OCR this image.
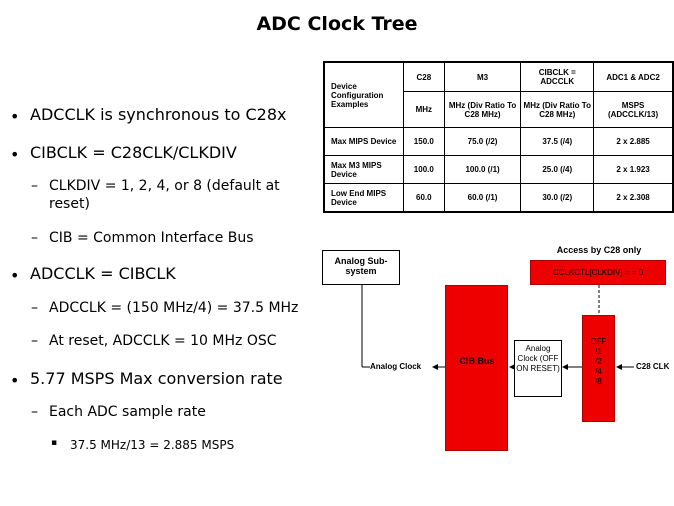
ADC Clock Tree
• ADCCLK is synchronous to C28x
• CIBCLK = C28CLK/CLKDIV
– CLKDIV = 1, 2, 4, or 8 (default at
reset)
– CIB = Common Interface Bus
• ADCCLK = CIBCLK
– ADCCLK = (150 MHz/4) = 37.5 MHz
– At reset, ADCCLK = 10 MHz OSC
• 5.77 MSPS Max conversion rate
– Each ADC sample rate
▪ 37.5 MHz/13 = 2.885 MSPS
Device Configuration Examples	C28	M3	CIBCLK = ADCCLK	ADC1 & ADC2
	MHz	MHz (Div Ratio To C28 MHz)	MHz (Div Ratio To C28 MHz)	MSPS (ADCCLK/13)
Max MIPS Device	150.0	75.0 (/2)	37.5 (/4)	2 x 2.885
Max M3 MIPS Device	100.0	100.0 (/1)	25.0 (/4)	2 x 1.923
Low End MIPS Device	60.0	60.0 (/1)	30.0 (/2)	2 x 2.308
Analog Sub-system
Access by C28 only
CCLKCTL[CLKDIV] = = 0
Analog Clock
CIB Bus
Analog Clock (OFF ON RESET)
OFF
/1
/2
/4
/8
C28 CLK
